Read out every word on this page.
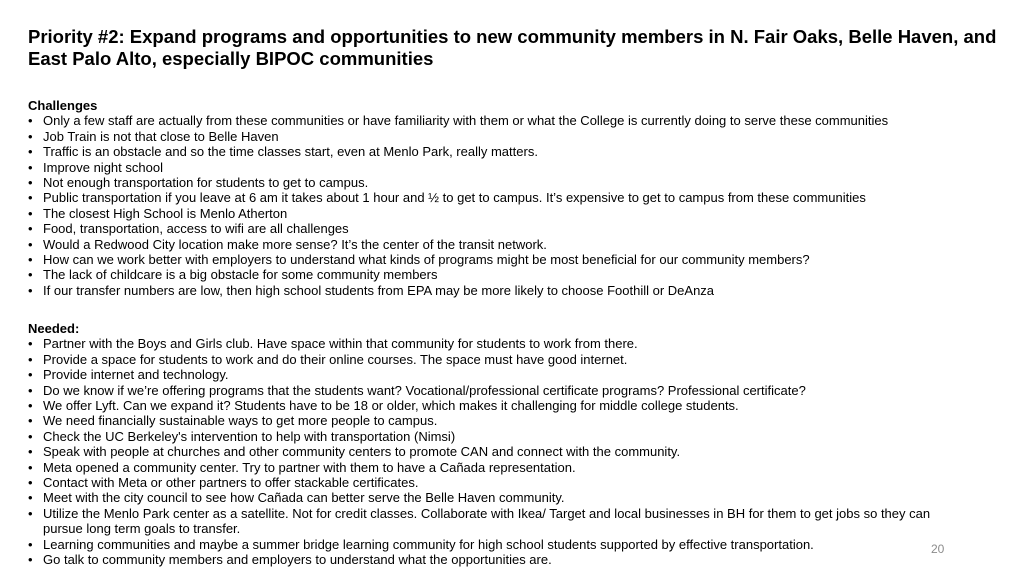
Priority #2: Expand programs and opportunities to new community members in N. Fair Oaks, Belle Haven, and East Palo Alto, especially BIPOC communities
Challenges
• Only a few staff are actually from these communities or have familiarity with them or what the College is currently doing to serve these communities
• Job Train is not that close to Belle Haven
• Traffic is an obstacle and so the time classes start, even at Menlo Park, really matters.
• Improve night school
• Not enough transportation for students to get to campus.
• Public transportation if you leave at 6 am it takes about 1 hour and ½ to get to campus. It’s expensive to get to campus from these communities
• The closest High School is Menlo Atherton
• Food, transportation, access to wifi are all challenges
• Would a Redwood City location make more sense? It’s the center of the transit network.
• How can we work better with employers to understand what kinds of programs might be most beneficial for our community members?
• The lack of childcare is a big obstacle for some community members
• If our transfer numbers are low, then high school students from EPA may be more likely to choose Foothill or DeAnza
Needed:
• Partner with the Boys and Girls club. Have space within that community for students to work from there.
• Provide a space for students to work and do their online courses. The space must have good internet.
• Provide internet and technology.
• Do we know if we’re offering programs that the students want? Vocational/professional certificate programs? Professional certificate?
• We offer Lyft. Can we expand it? Students have to be 18 or older, which makes it challenging for middle college students.
• We need financially sustainable ways to get more people to campus.
• Check the UC Berkeley's intervention to help with transportation (Nimsi)
• Speak with people at churches and other community centers to promote CAN and connect with the community.
• Meta opened a community center. Try to partner with them to have a Cañada representation.
• Contact with Meta or other partners to offer stackable certificates.
• Meet with the city council to see how Cañada can better serve the Belle Haven community.
• Utilize the Menlo Park center as a satellite. Not for credit classes. Collaborate with Ikea/ Target and local businesses in BH for them to get jobs so they can pursue long term goals to transfer.
• Learning communities and maybe a summer bridge learning community for high school students supported by effective transportation.
• Go talk to community members and employers to understand what the opportunities are.
20
